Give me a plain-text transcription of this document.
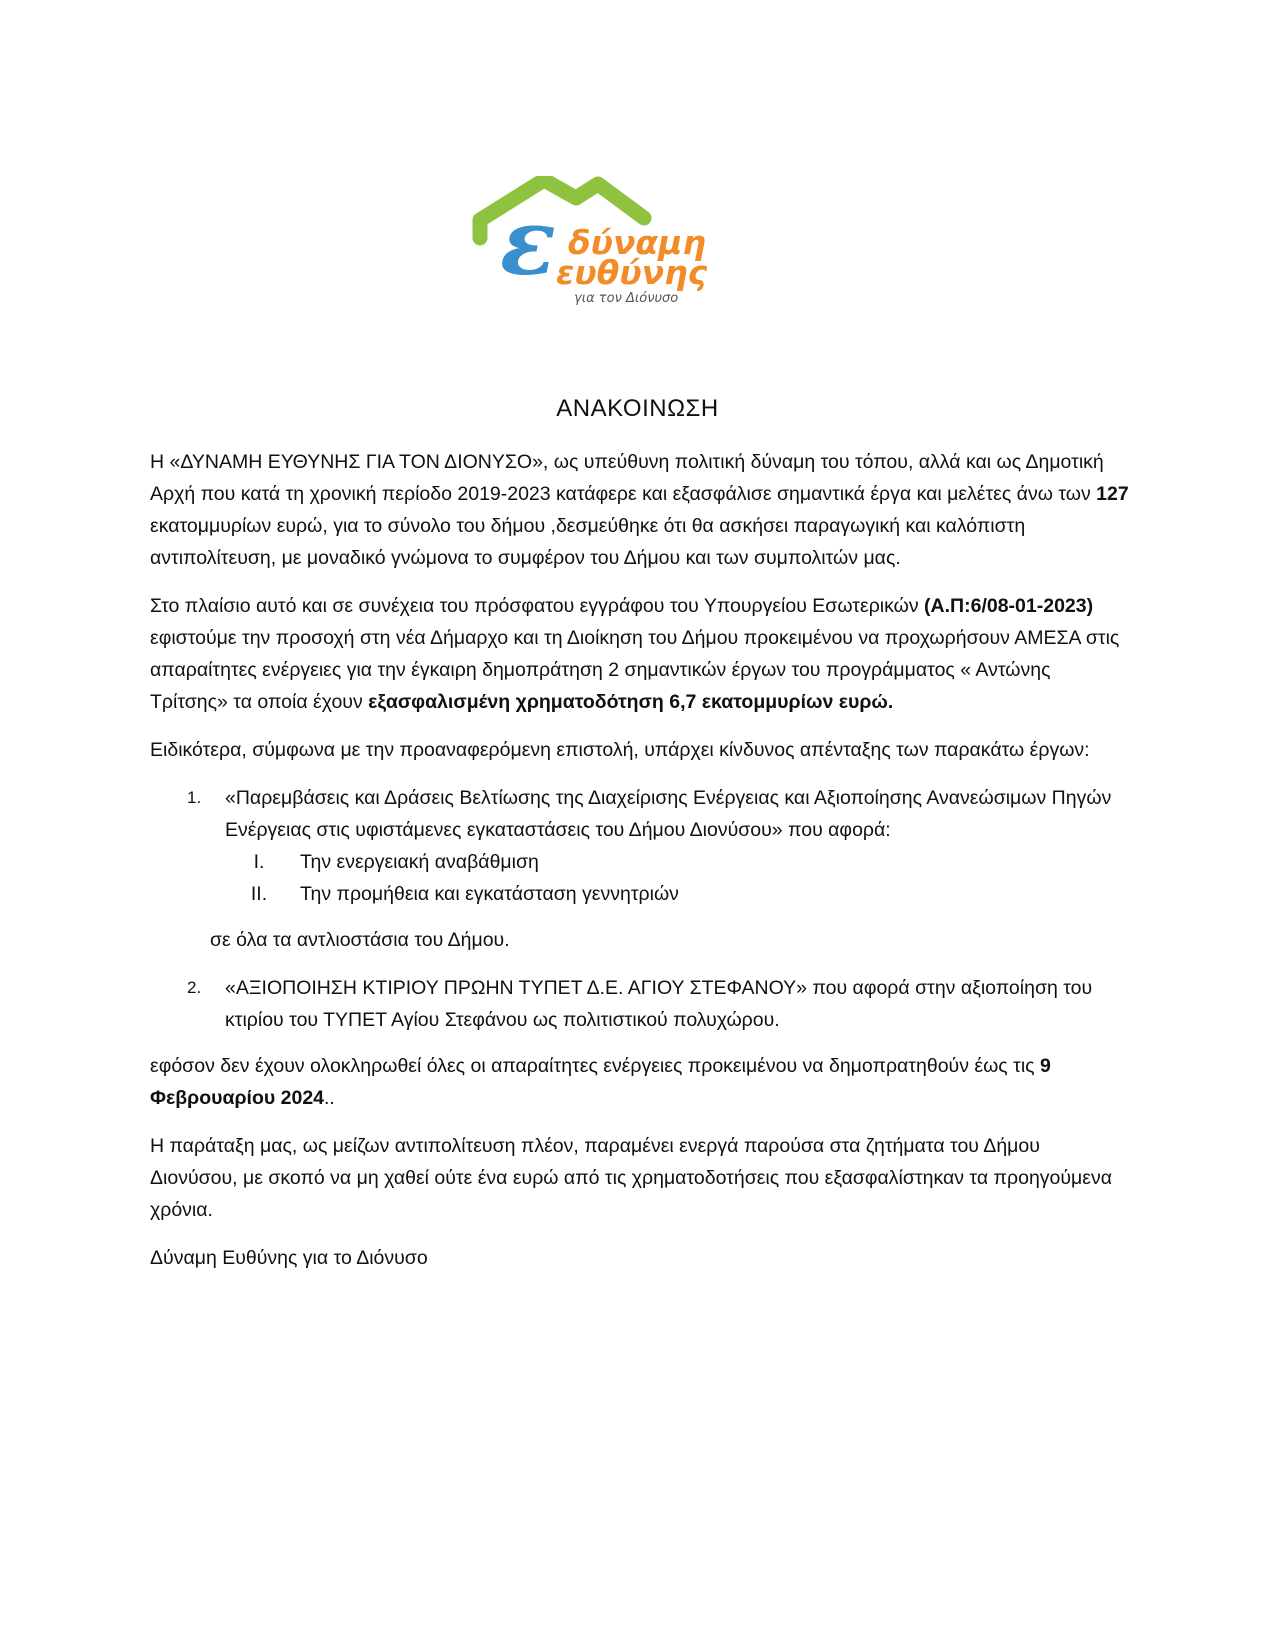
ε δύναμη
ευθύνης
για τον Διόνυσο
ΑΝΑΚΟΙΝΩΣΗ

Η «ΔΥΝΑΜΗ ΕΥΘΥΝΗΣ ΓΙΑ ΤΟΝ ΔΙΟΝΥΣΟ», ως υπεύθυνη πολιτική δύναμη του τόπου, αλλά και ως Δημοτική Αρχή που κατά τη χρονική περίοδο 2019-2023 κατάφερε και εξασφάλισε σημαντικά έργα και μελέτες άνω των 127 εκατομμυρίων ευρώ, για το σύνολο του δήμου ,δεσμεύθηκε ότι θα ασκήσει παραγωγική και καλόπιστη αντιπολίτευση, με μοναδικό γνώμονα το συμφέρον του Δήμου και των συμπολιτών μας.

Στο πλαίσιο αυτό και σε συνέχεια του πρόσφατου εγγράφου του Υπουργείου Εσωτερικών (Α.Π:6/08-01-2023) εφιστούμε την προσοχή στη νέα Δήμαρχο και τη Διοίκηση του Δήμου προκειμένου να προχωρήσουν ΑΜΕΣΑ στις απαραίτητες ενέργειες για την έγκαιρη δημοπράτηση 2 σημαντικών έργων του προγράμματος « Αντώνης Τρίτσης» τα οποία έχουν εξασφαλισμένη χρηματοδότηση 6,7 εκατομμυρίων ευρώ.

Ειδικότερα, σύμφωνα με την προαναφερόμενη επιστολή, υπάρχει κίνδυνος απένταξης των παρακάτω έργων:

1. «Παρεμβάσεις και Δράσεις Βελτίωσης της Διαχείρισης Ενέργειας και Αξιοποίησης Ανανεώσιμων Πηγών Ενέργειας στις υφιστάμενες εγκαταστάσεις του Δήμου Διονύσου» που αφορά:
I.	Την ενεργειακή αναβάθμιση
II.	Την προμήθεια και εγκατάσταση γεννητριών

σε όλα τα αντλιοστάσια του Δήμου.

2. «ΑΞΙΟΠΟΙΗΣΗ ΚΤΙΡΙΟΥ ΠΡΩΗΝ ΤΥΠΕΤ Δ.Ε. ΑΓΙΟΥ ΣΤΕΦΑΝΟΥ» που αφορά στην αξιοποίηση του κτιρίου του ΤΥΠΕΤ Αγίου Στεφάνου ως πολιτιστικού πολυχώρου.

εφόσον δεν έχουν ολοκληρωθεί όλες οι απαραίτητες ενέργειες προκειμένου να δημοπρατηθούν έως τις 9 Φεβρουαρίου 2024..

Η παράταξη μας, ως μείζων αντιπολίτευση πλέον, παραμένει ενεργά παρούσα στα ζητήματα του Δήμου Διονύσου, με σκοπό να μη χαθεί ούτε ένα ευρώ από τις χρηματοδοτήσεις που εξασφαλίστηκαν τα προηγούμενα χρόνια.

Δύναμη Ευθύνης για το Διόνυσο
